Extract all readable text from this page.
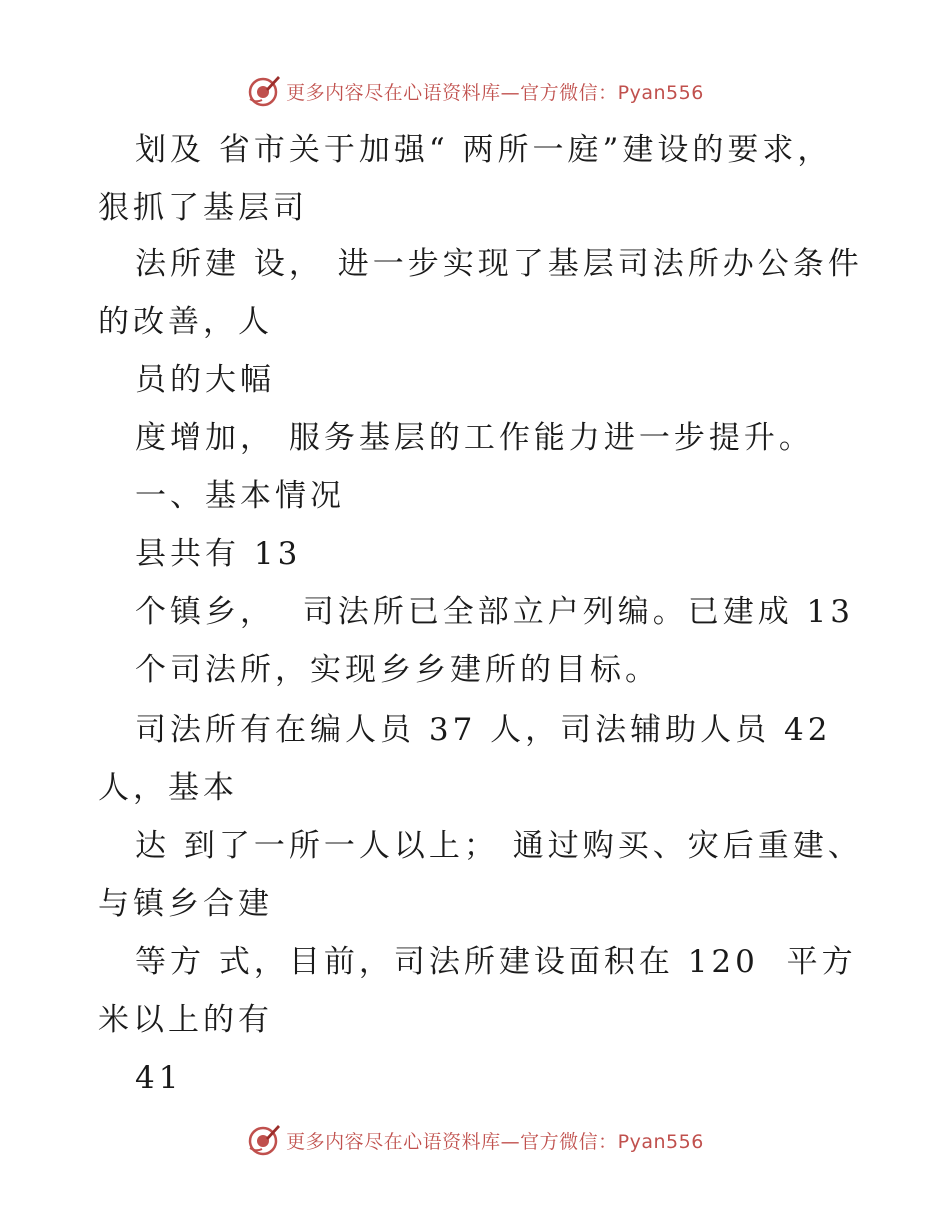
更多内容尽在心语资料库—官方微信：Pyan556
划及 省市关于加强“ 两所一庭”建设的要求，
狠抓了基层司
法所建 设， 进一步实现了基层司法所办公条件
的改善，人
员的大幅
度增加， 服务基层的工作能力进一步提升。
一、基本情况
县共有 13
个镇乡，  司法所已全部立户列编。已建成 13
个司法所，实现乡乡建所的目标。
司法所有在编人员 37 人，司法辅助人员 42
人，基本
达 到了一所一人以上； 通过购买、灾后重建、
与镇乡合建
等方 式，目前，司法所建设面积在 120  平方
米以上的有
41
更多内容尽在心语资料库—官方微信：Pyan556
